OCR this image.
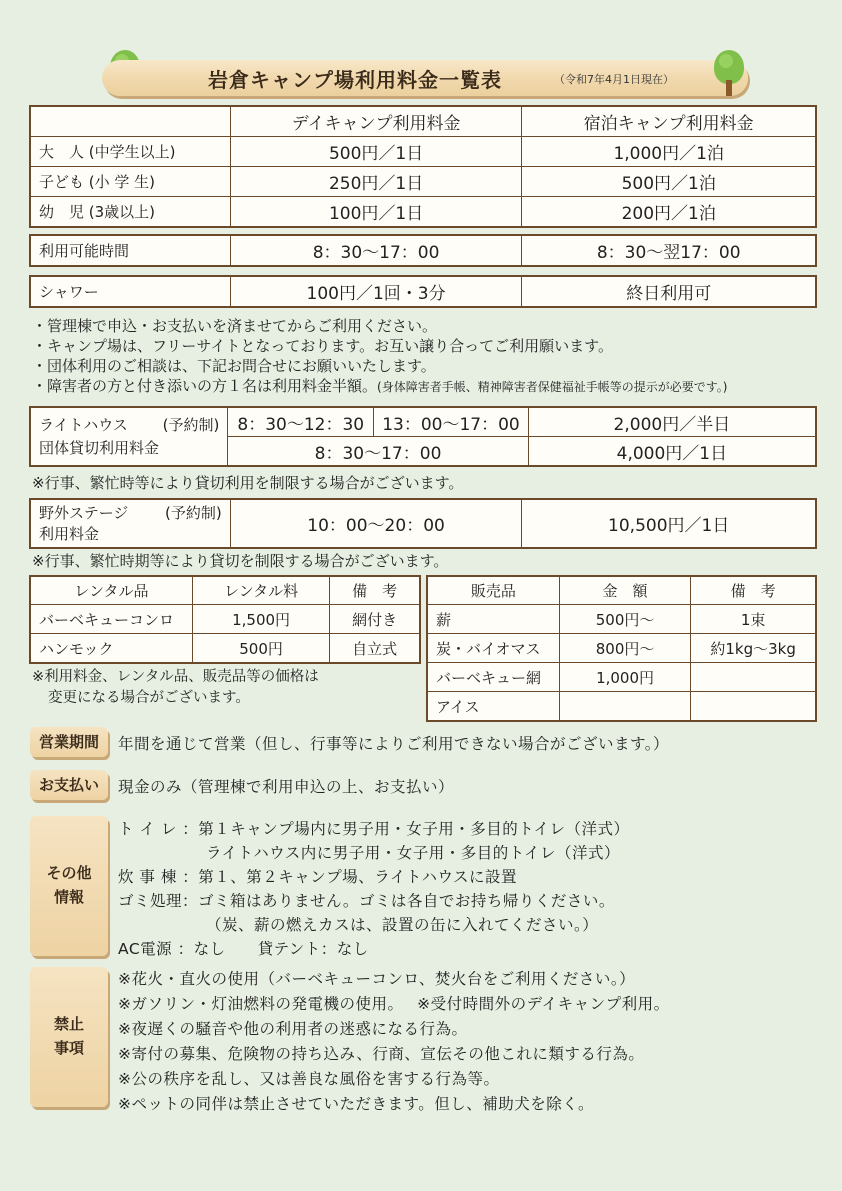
岩倉キャンプ場利用料金一覧表	（令和7年4月1日現在）
	デイキャンプ利用料金	宿泊キャンプ利用料金
大　人 (中学生以上)	500円／1日	1,000円／1泊
子ども (小 学 生)	250円／1日	500円／1泊
幼　児 (3歳以上)	100円／1日	200円／1泊
利用可能時間	8：30～17：00	8：30～翌17：00
シャワー	100円／1回・3分	終日利用可
・管理棟で申込・お支払いを済ませてからご利用ください。
・キャンプ場は、フリーサイトとなっております。お互い譲り合ってご利用願います。
・団体利用のご相談は、下記お問合せにお願いいたします。
・障害者の方と付き添いの方１名は利用料金半額。(身体障害者手帳、精神障害者保健福祉手帳等の提示が必要です。)
ライトハウス (予約制)

団体貸切利用料金	8：30～12：30	13：00～17：00	2,000円／半日
	8：30～17：00		4,000円／1日
※行事、繁忙時等により貸切利用を制限する場合がございます。
野外ステージ (予約制)

利用料金	10：00～20：00	10,500円／1日
※行事、繁忙時期等により貸切を制限する場合がございます。
レンタル品	レンタル料	備　考
バーベキューコンロ	1,500円	網付き
ハンモック	500円	自立式
※利用料金、レンタル品、販売品等の価格は
変更になる場合がございます。
販売品	金　額	備　考
薪	500円～	1束
炭・バイオマス	800円～	約1kg～3kg
バーベキュー網	1,000円	
アイス		
営業期間	年間を通じて営業（但し、行事等によりご利用できない場合がございます。）
お支払い	現金のみ（管理棟で利用申込の上、お支払い）
その他
情報
ト イ レ ：第１キャンプ場内に男子用・女子用・多目的トイレ（洋式）
ライトハウス内に男子用・女子用・多目的トイレ（洋式）
炊 事 棟 ：第１、第２キャンプ場、ライトハウスに設置
ゴミ処理：ゴミ箱はありません。ゴミは各自でお持ち帰りください。
（炭、薪の燃えカスは、設置の缶に入れてください。）
AC電源 ：なし　　貸テント：なし
禁止
事項
※花火・直火の使用（バーベキューコンロ、焚火台をご利用ください。）
※ガソリン・灯油燃料の発電機の使用。　 ※受付時間外のデイキャンプ利用。
※夜遅くの騒音や他の利用者の迷惑になる行為。
※寄付の募集、危険物の持ち込み、行商、宣伝その他これに類する行為。
※公の秩序を乱し、又は善良な風俗を害する行為等。
※ペットの同伴は禁止させていただきます。但し、補助犬を除く。
